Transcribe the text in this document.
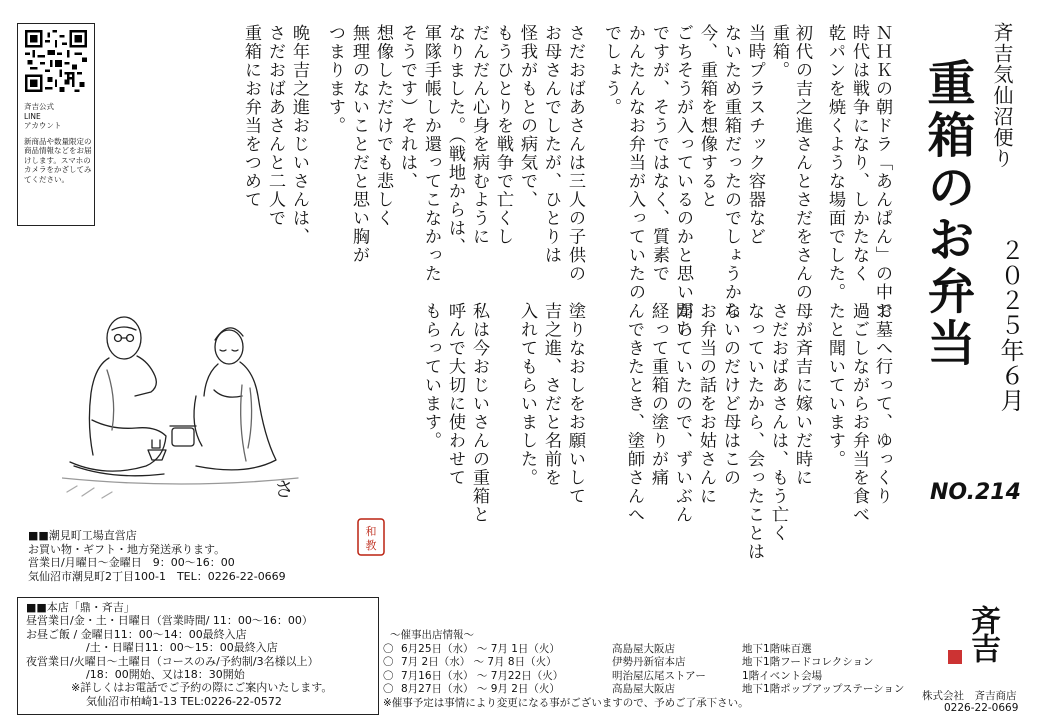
斉吉公式
LINE
アカウント

新商品や数量限定の商品情報などをお届けします。スマホのカメラをかざしてみてください。

斉吉気仙沼便り
重箱のお弁当 ２０２５年６月
NO.214
ＮＨＫの朝ドラ「あんぱん」の中で
時代は戦争になり、しかたなく
乾パンを焼くような場面でした。
初代の吉之進さんとさだをさんの
重箱。
当時プラスチック容器など
ないため重箱だったのでしょうから
今、重箱を想像すると
ごちそうが入っているのかと思いがち
ですが、そうではなく、質素で
かんたんなお弁当が入っていたの
でしょう。
さだおばあさんは三人の子供の
お母さんでしたが、ひとりは
怪我がもとの病気で、
もうひとりを戦争で亡くし
だんだん心身を病むように
なりました。（戦地からは、
軍隊手帳しか還ってこなかった
そうです）それは、
想像しただけでも悲しく
無理のないことだと思い胸が
つまります。
晩年吉之進おじいさんは、
さだおばあさんと二人で
重箱にお弁当をつめて
お墓へ行って、ゆっくり
過ごしながらお弁当を食べ
たと聞いています。
母が斉吉に嫁いだ時に
さだおばあさんは、もう亡く
なっていたから、会ったことは
ないのだけど母はこの
お弁当の話をお姑さんに
聞いていたので、ずいぶん
経って重箱の塗りが痛
んできたとき、塗師さんへ
塗りなおしをお願いして
吉之進、さだと名前を
入れてもらいました。
私は今おじいさんの重箱と
呼んで大切に使わせて
もらっています。
さ
和
教
■■潮見町工場直営店
お買い物・ギフト・地方発送承ります。
営業日/月曜日～金曜日　9：00～16：00
気仙沼市潮見町2丁目100-1　TEL：0226-22-0669
■■本店「鼎・斉吉」
昼営業日/金・土・日曜日（営業時間/ 11：00～16：00）
お昼ご飯 / 金曜日11：00～14：00最終入店
/土・日曜日11：00～15：00最終入店
夜営業日/火曜日～土曜日（コースのみ/予約制/3名様以上）
/18：00開始、又は18：30開始
※詳しくはお電話でご予約の際にご案内いたします。
気仙沼市柏崎1-13 TEL:0226-22-0572
～催事出店情報～
〇 6月25日（水） ～ 7月 1日（火）	高島屋大阪店	地下1階味百選
〇 7月 2日（水） ～ 7月 8日（火）	伊勢丹新宿本店	地下1階フードコレクション
〇 7月16日（水） ～ 7月22日（火）	明治屋広尾ストアー	1階イベント会場
〇 8月27日（水） ～ 9月 2日（火）	高島屋大阪店	地下1階ポップアップステーション
※催事予定は事情により変更になる事がございますので、予めご了承下さい。
斉吉
株式会社　斉吉商店
0226-22-0669
